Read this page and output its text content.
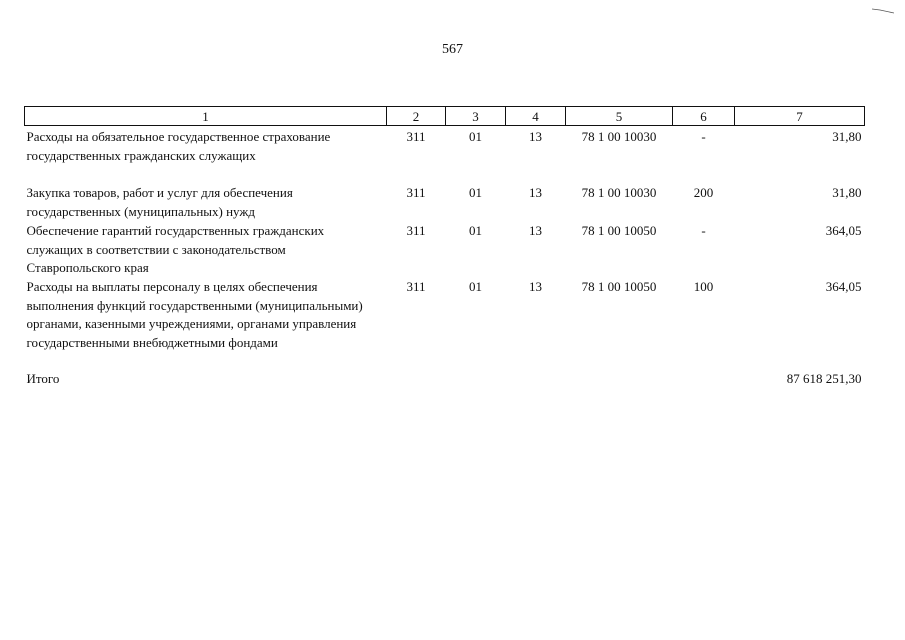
567
1	2	3	4	5	6	7
Расходы на обязательное государственное страхование государственных гражданских служащих	311	01	13	78 1 00 10030	-	31,80
Закупка товаров, работ и услуг для обеспечения государственных (муниципальных) нужд	311	01	13	78 1 00 10030	200	31,80
Обеспечение гарантий государственных гражданских служащих в соответствии с законодательством Ставропольского края	311	01	13	78 1 00 10050	-	364,05
Расходы на выплаты персоналу в целях обеспечения выполнения функций государственными (муниципальными) органами, казенными учреждениями, органами управления государственными внебюджетными фондами	311	01	13	78 1 00 10050	100	364,05
Итого						87 618 251,30
